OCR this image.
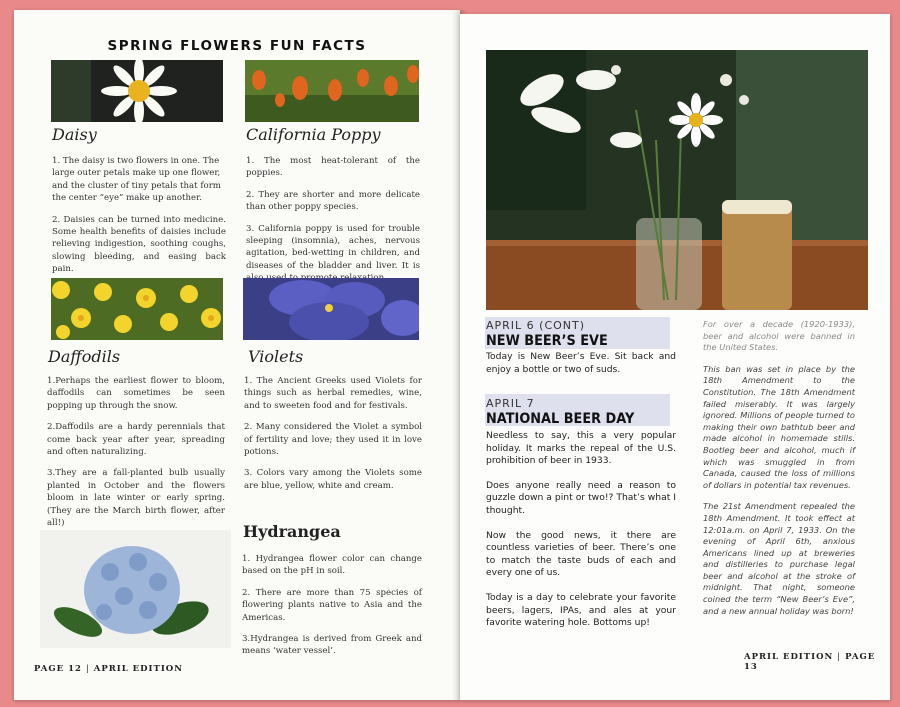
SPRING FLOWERS FUN FACTS
Daisy

1. The daisy is two flowers in one. The large outer petals make up one flower, and the cluster of tiny petals that form the center “eye” make up another.

2. Daisies can be turned into medicine. Some health benefits of daisies include relieving indigestion, soothing coughs, slowing bleeding, and easing back pain.

California Poppy

1. The most heat-tolerant of the poppies.

2. They are shorter and more delicate than other poppy species.

3. California poppy is used for trouble sleeping (insomnia), aches, nervous agitation, bed-wetting in children, and diseases of the bladder and liver. It is

Daffodils

1.Perhaps the earliest flower to bloom, daffodils can sometimes be seen popping up through the snow.

2.Daffodils are a hardy perennials that come back year after year, spreading and often naturalizing.

3.They are a fall-planted bulb usually planted in October and the flowers bloom in late winter or early spring. (They are the March birth flower, after all!)

Violets

1. The Ancient Greeks used Violets for things such as herbal remedies, wine, and to sweeten food and for festivals.

2. Many considered the Violet a symbol of fertility and love; they used it in love potions.

3. Colors vary among the Violets some are blue, yellow, white and cream.

Hydrangea

1. Hydrangea flower color can change based on the pH in soil.

2. There are more than 75 species of flowering plants native to Asia and the Americas.

3.Hydrangea is derived from Greek and means ‘water vessel’.

PAGE 12 | APRIL EDITION
APRIL 6 (CONT)
NEW BEER’S EVE

Today is New Beer’s Eve. Sit back and enjoy a bottle or two of suds.

APRIL 7
NATIONAL BEER DAY

Needless to say, this a very popular holiday. It marks the repeal of the U.S. prohibition of beer in 1933.

Does anyone really need a reason to guzzle down a pint or two!? That’s what I thought.

Now the good news, it there are countless varieties of beer. There’s one to match the taste buds of each and every one of us.

Today is a day to celebrate your favorite beers, lagers, IPAs, and ales at your favorite watering hole. Bottoms up!

For over a decade (1920-1933), beer and alcohol were banned in the United States.

This ban was set in place by the 18th Amendment to the Constitution. The 18th Amendment failed miserably. It was largely ignored. Millions of people turned to making their own bathtub beer and made alcohol in homemade stills. Bootleg beer and alcohol, much if which was smuggled in from Canada, caused the loss of millions of dollars in potential tax revenues.

The 21st Amendment repealed the 18th Amendment. It took effect at 12:01a.m. on April 7, 1933. On the evening of April 6th, anxious Americans lined up at breweries and distilleries to purchase legal beer and alcohol at the stroke of midnight. That night, someone coined the term “New Beer’s Eve”, and a new annual holiday was born!

APRIL EDITION | PAGE 13
